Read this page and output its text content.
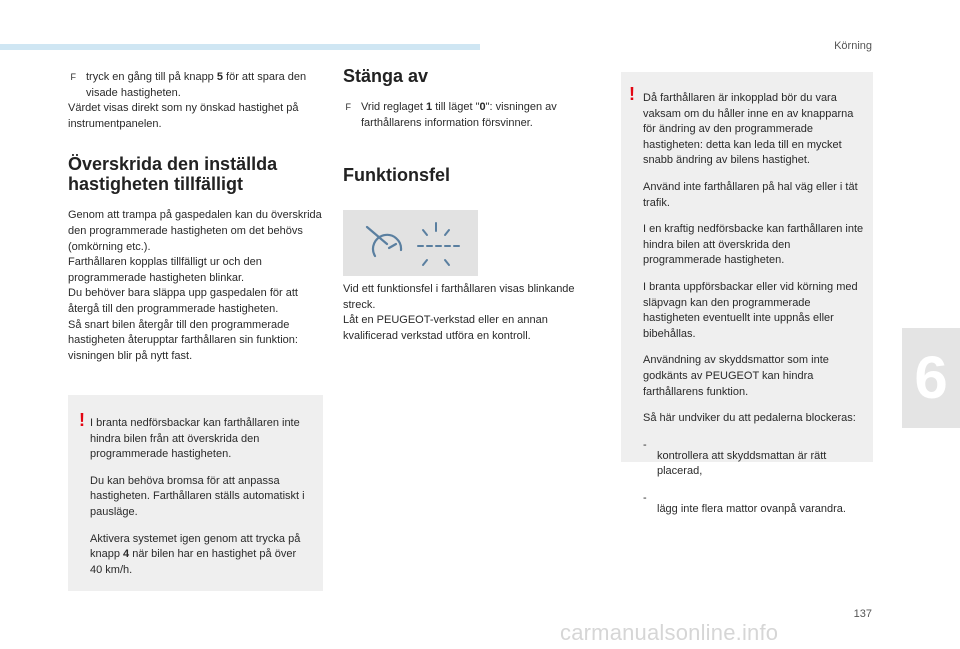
Körning
6
F tryck en gång till på knapp 5 för att spara den visade hastigheten.

Värdet visas direkt som ny önskad hastighet på instrumentpanelen.

Överskrida den inställda hastigheten tillfälligt

Genom att trampa på gaspedalen kan du överskrida den programmerade hastigheten om det behövs (omkörning etc.).

Farthållaren kopplas tillfälligt ur och den programmerade hastigheten blinkar.

Du behöver bara släppa upp gaspedalen för att återgå till den programmerade hastigheten.

Så snart bilen återgår till den programmerade hastigheten återupptar farthållaren sin funktion: visningen blir på nytt fast.

! I branta nedförsbackar kan farthållaren inte hindra bilen från att överskrida den programmerade hastigheten.

Du kan behöva bromsa för att anpassa hastigheten. Farthållaren ställs automatiskt i pausläge.

Aktivera systemet igen genom att trycka på knapp 4 när bilen har en hastighet på över 40 km/h.

Stänga av
F Vrid reglaget 1 till läget "0": visningen av farthållarens information försvinner.

Funktionsfel

Vid ett funktionsfel i farthållaren visas blinkande streck.

Låt en PEUGEOT-verkstad eller en annan kvalificerad verkstad utföra en kontroll.

! Då farthållaren är inkopplad bör du vara vaksam om du håller inne en av knapparna för ändring av den programmerade hastigheten: detta kan leda till en mycket snabb ändring av bilens hastighet.

Använd inte farthållaren på hal väg eller i tät trafik.

I en kraftig nedförsbacke kan farthållaren inte hindra bilen att överskrida den programmerade hastigheten.

I branta uppförsbackar eller vid körning med släpvagn kan den programmerade hastigheten eventuellt inte uppnås eller bibehållas.

Användning av skyddsmattor som inte godkänts av PEUGEOT kan hindra farthållarens funktion.

Så här undviker du att pedalerna blockeras:

-

kontrollera att skyddsmattan är rätt placerad,

-

lägg inte flera mattor ovanpå varandra.

137
carmanualsonline.info
